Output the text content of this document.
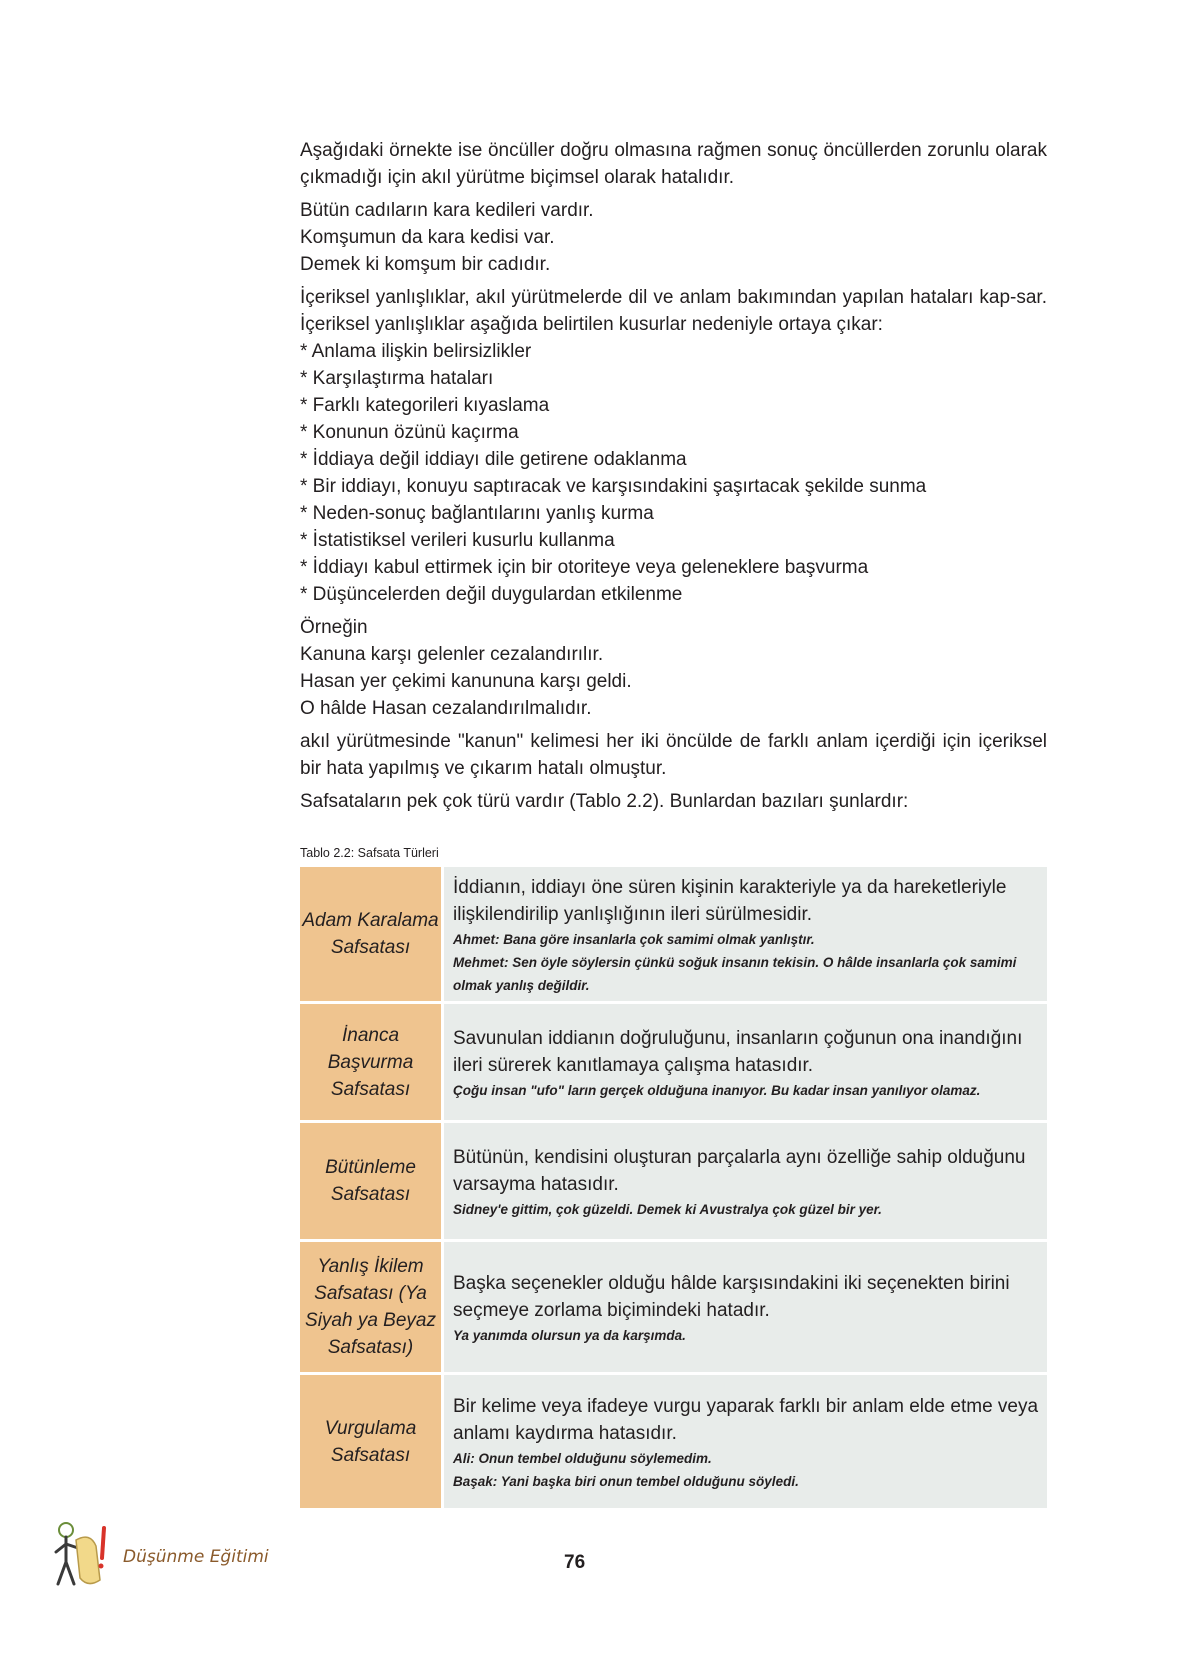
Aşağıdaki örnekte ise öncüller doğru olmasına rağmen sonuç öncüllerden zorunlu olarak çıkmadığı için akıl yürütme biçimsel olarak hatalıdır.

Bütün cadıların kara kedileri vardır.
Komşumun da kara kedisi var.
Demek ki komşum bir cadıdır.
İçeriksel yanlışlıklar, akıl yürütmelerde dil ve anlam bakımından yapılan hataları kap-sar. İçeriksel yanlışlıklar aşağıda belirtilen kusurlar nedeniyle ortaya çıkar:
* Anlama ilişkin belirsizlikler
* Karşılaştırma hataları
* Farklı kategorileri kıyaslama
* Konunun özünü kaçırma
* İddiaya değil iddiayı dile getirene odaklanma
* Bir iddiayı, konuyu saptıracak ve karşısındakini şaşırtacak şekilde sunma
* Neden-sonuç bağlantılarını yanlış kurma
* İstatistiksel verileri kusurlu kullanma
* İddiayı kabul ettirmek için bir otoriteye veya geleneklere başvurma
* Düşüncelerden değil duygulardan etkilenme
Örneğin
Kanuna karşı gelenler cezalandırılır.
Hasan yer çekimi kanununa karşı geldi.
O hâlde Hasan cezalandırılmalıdır.

akıl yürütmesinde "kanun" kelimesi her iki öncülde de farklı anlam içerdiği için içeriksel bir hata yapılmış ve çıkarım hatalı olmuştur.

Safsataların pek çok türü vardır (Tablo 2.2). Bunlardan bazıları şunlardır:

Tablo 2.2: Safsata Türleri
Adam Karalama Safsatası
İddianın, iddiayı öne süren kişinin karakteriyle ya da hareketleriyle ilişkilendirilip yanlışlığının ileri sürülmesidir.
Ahmet: Bana göre insanlarla çok samimi olmak yanlıştır.
Mehmet: Sen öyle söylersin çünkü soğuk insanın tekisin. O hâlde insanlarla çok samimi olmak yanlış değildir.
İnanca Başvurma Safsatası
Savunulan iddianın doğruluğunu, insanların çoğunun ona inandığını ileri sürerek kanıtlamaya çalışma hatasıdır.
Çoğu insan "ufo" ların gerçek olduğuna inanıyor. Bu kadar insan yanılıyor olamaz.
Bütünleme Safsatası
Bütünün, kendisini oluşturan parçalarla aynı özelliğe sahip olduğunu varsayma hatasıdır.
Sidney'e gittim, çok güzeldi. Demek ki Avustralya çok güzel bir yer.
Yanlış İkilem Safsatası (Ya Siyah ya Beyaz Safsatası)
Başka seçenekler olduğu hâlde karşısındakini iki seçenekten birini seçmeye zorlama biçimindeki hatadır.
Ya yanımda olursun ya da karşımda.
Vurgulama Safsatası
Bir kelime veya ifadeye vurgu yaparak farklı bir anlam elde etme veya anlamı kaydırma hatasıdır.
Ali: Onun tembel olduğunu söylemedim.
Başak: Yani başka biri onun tembel olduğunu söyledi.
Düşünme Eğitimi	76
